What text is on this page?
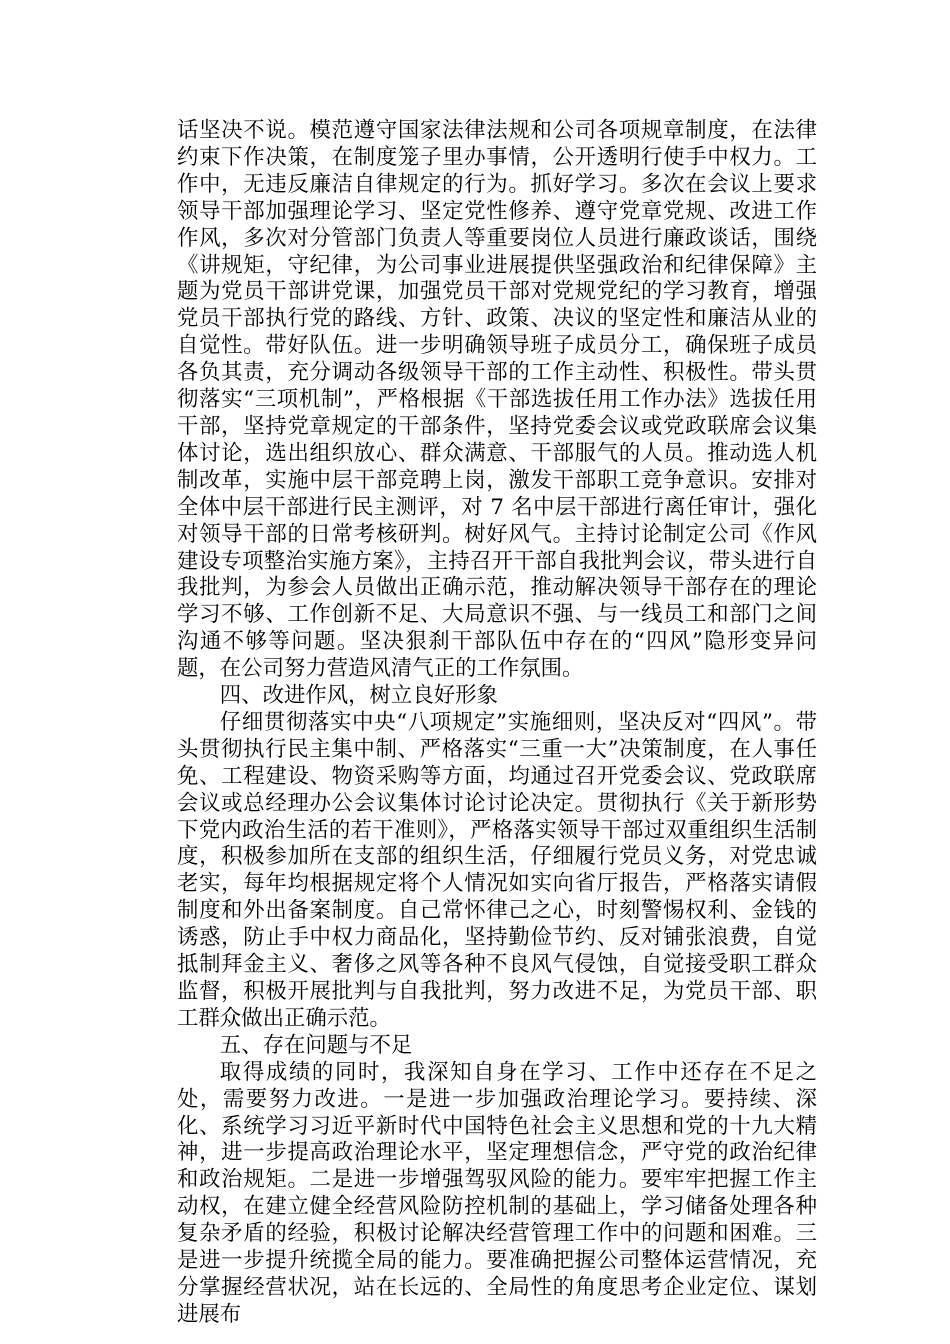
话坚决不说。模范遵守国家法律法规和公司各项规章制度，在法律约束下作决策，在制度笼子里办事情，公开透明行使手中权力。工作中，无违反廉洁自律规定的行为。抓好学习。多次在会议上要求领导干部加强理论学习、坚定党性修养、遵守党章党规、改进工作作风，多次对分管部门负责人等重要岗位人员进行廉政谈话，围绕《讲规矩，守纪律，为公司事业进展提供坚强政治和纪律保障》主题为党员干部讲党课，加强党员干部对党规党纪的学习教育，增强党员干部执行党的路线、方针、政策、决议的坚定性和廉洁从业的自觉性。带好队伍。进一步明确领导班子成员分工，确保班子成员各负其责，充分调动各级领导干部的工作主动性、积极性。带头贯彻落实“三项机制”，严格根据《干部选拔任用工作办法》选拔任用干部，坚持党章规定的干部条件，坚持党委会议或党政联席会议集体讨论，选出组织放心、群众满意、干部服气的人员。推动选人机制改革，实施中层干部竞聘上岗，激发干部职工竞争意识。安排对全体中层干部进行民主测评，对 7 名中层干部进行离任审计，强化对领导干部的日常考核研判。树好风气。主持讨论制定公司《作风建设专项整治实施方案》，主持召开干部自我批判会议，带头进行自我批判，为参会人员做出正确示范，推动解决领导干部存在的理论学习不够、工作创新不足、大局意识不强、与一线员工和部门之间沟通不够等问题。坚决狠刹干部队伍中存在的“四风”隐形变异问题，在公司努力营造风清气正的工作氛围。

四、改进作风，树立良好形象

仔细贯彻落实中央“八项规定”实施细则，坚决反对“四风”。带头贯彻执行民主集中制、严格落实“三重一大”决策制度，在人事任免、工程建设、物资采购等方面，均通过召开党委会议、党政联席会议或总经理办公会议集体讨论讨论决定。贯彻执行《关于新形势下党内政治生活的若干准则》，严格落实领导干部过双重组织生活制度，积极参加所在支部的组织生活，仔细履行党员义务，对党忠诚老实，每年均根据规定将个人情况如实向省厅报告，严格落实请假制度和外出备案制度。自己常怀律己之心，时刻警惕权利、金钱的诱惑，防止手中权力商品化，坚持勤俭节约、反对铺张浪费，自觉抵制拜金主义、奢侈之风等各种不良风气侵蚀，自觉接受职工群众监督，积极开展批判与自我批判，努力改进不足，为党员干部、职工群众做出正确示范。

五、存在问题与不足

取得成绩的同时，我深知自身在学习、工作中还存在不足之处，需要努力改进。一是进一步加强政治理论学习。要持续、深化、系统学习习近平新时代中国特色社会主义思想和党的十九大精神，进一步提高政治理论水平，坚定理想信念，严守党的政治纪律和政治规矩。二是进一步增强驾驭风险的能力。要牢牢把握工作主动权，在建立健全经营风险防控机制的基础上，学习储备处理各种复杂矛盾的经验，积极讨论解决经营管理工作中的问题和困难。三是进一步提升统揽全局的能力。要准确把握公司整体运营情况，充分掌握经营状况，站在长远的、全局性的角度思考企业定位、谋划进展布
